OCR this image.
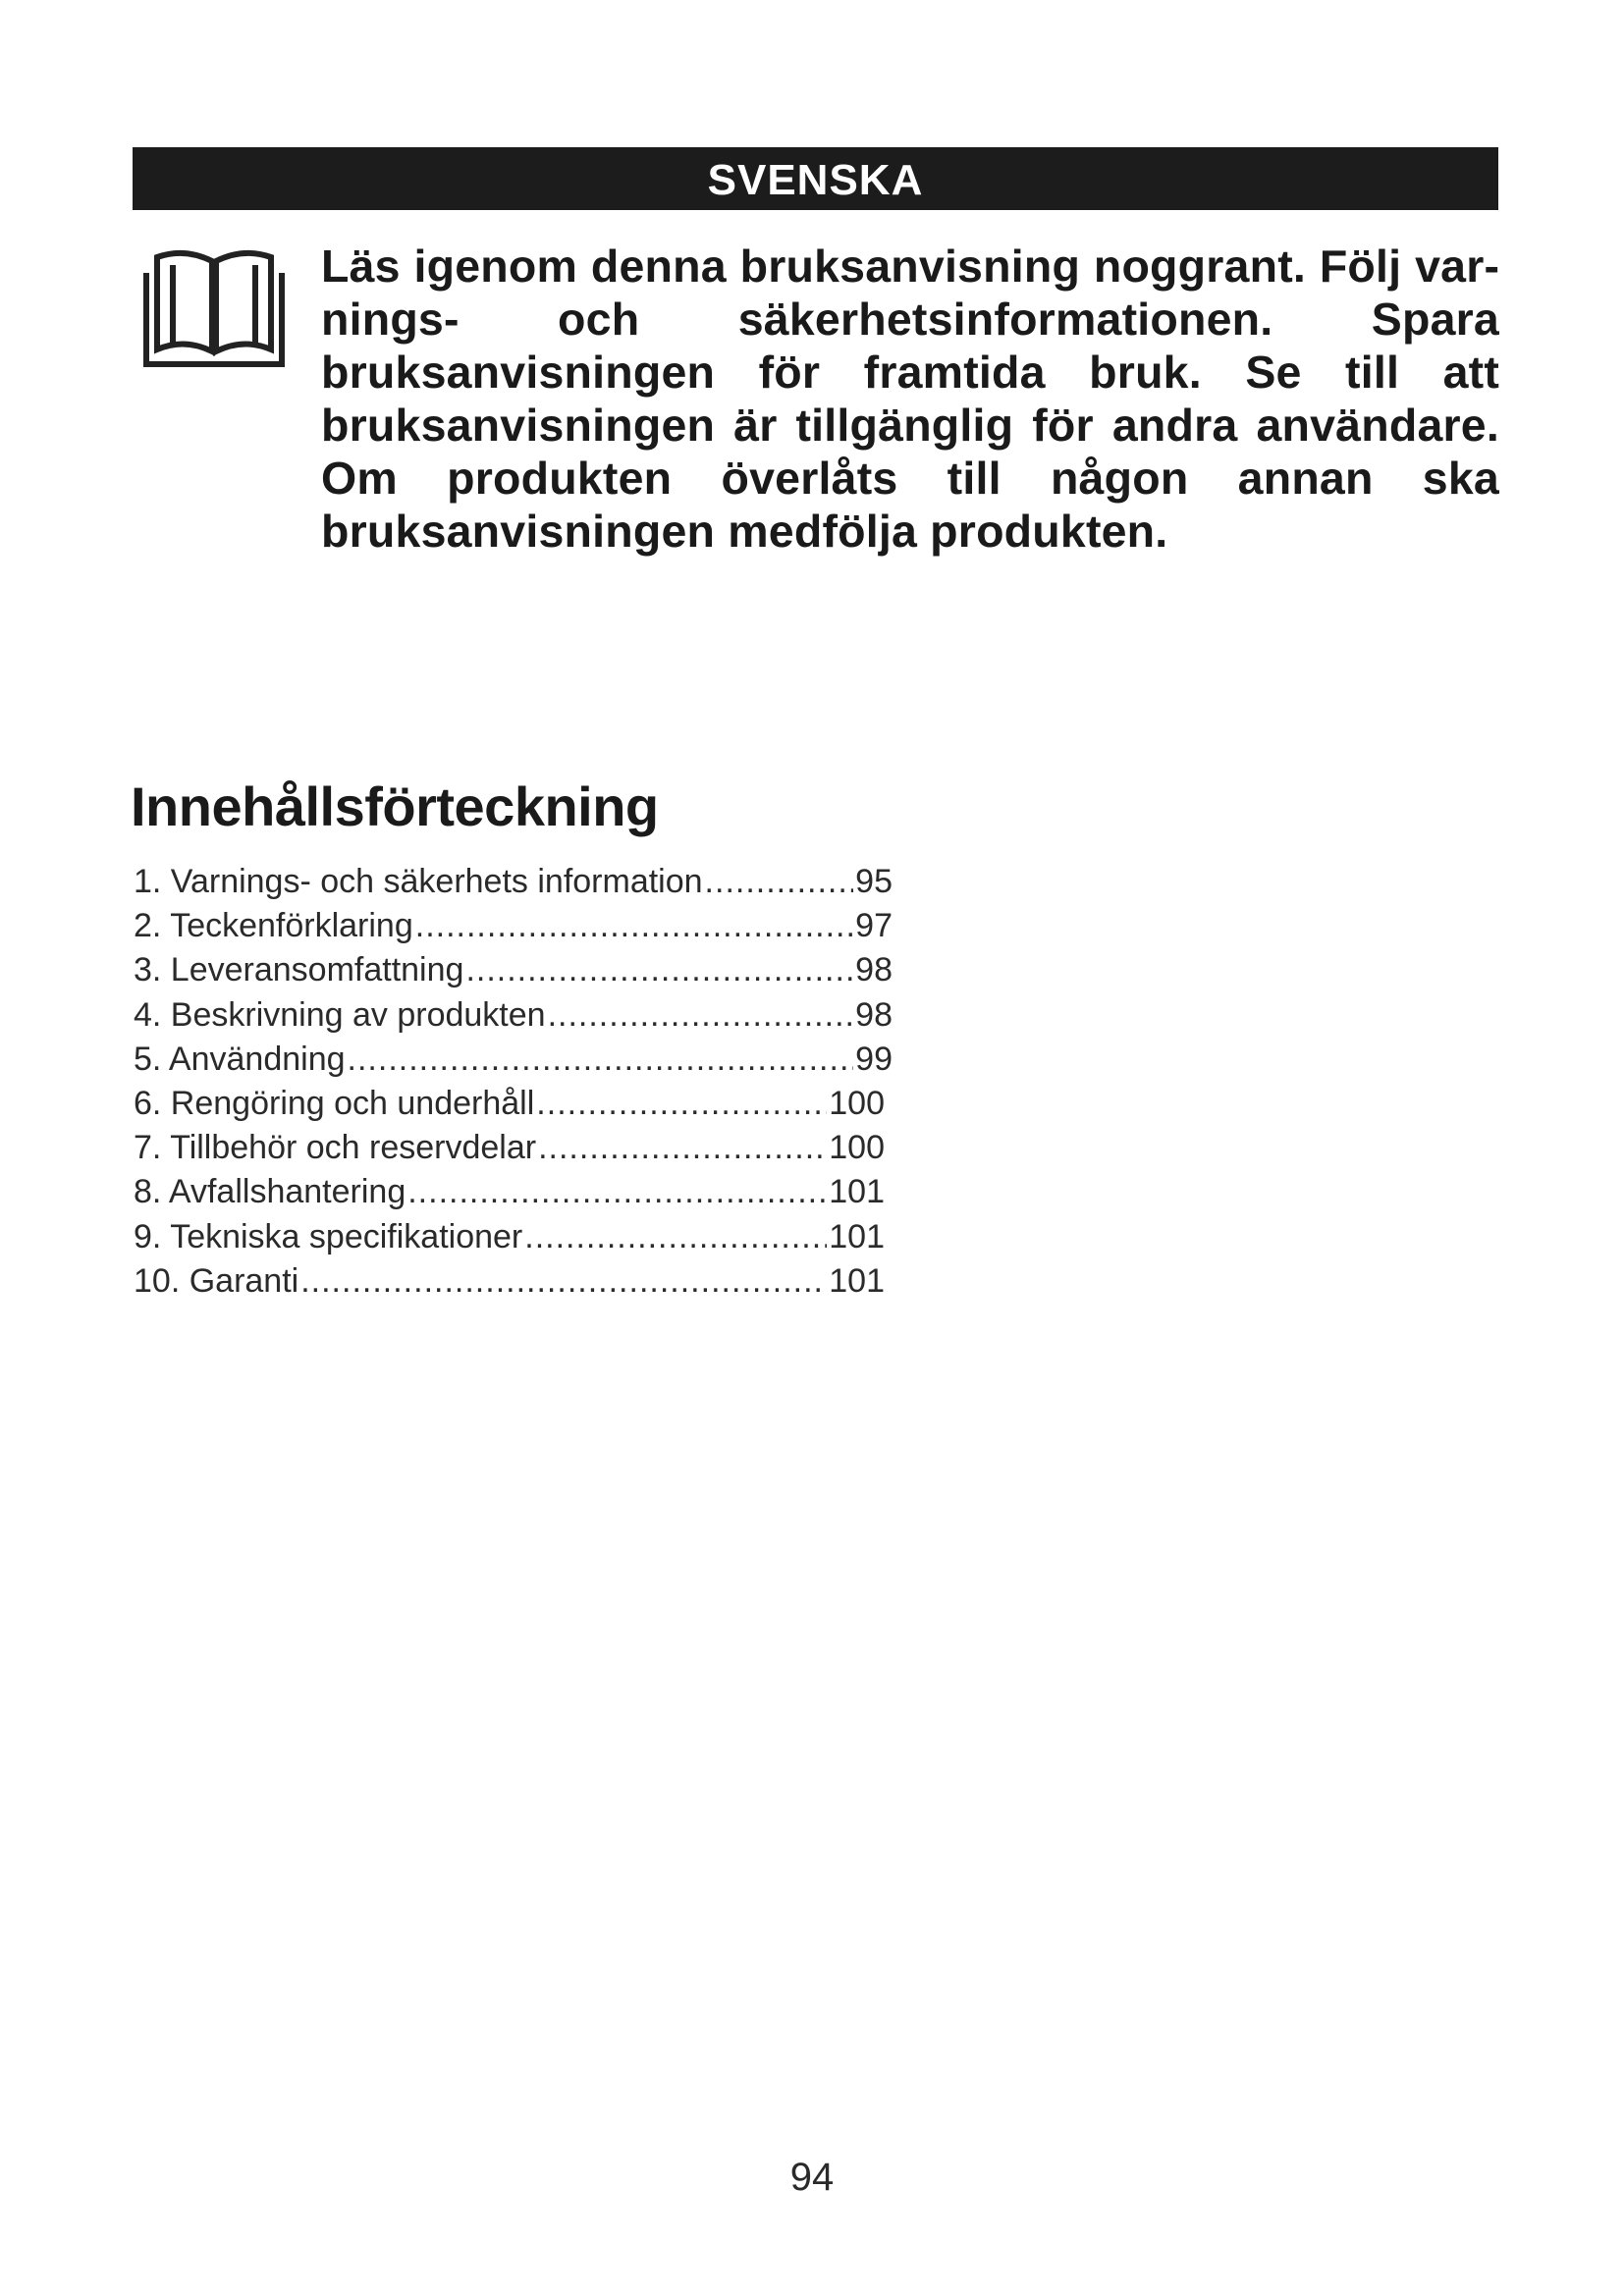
SVENSKA

Läs igenom denna bruksanvisning noggrant. Följ varnings- och säkerhetsinformationen. Spara bruksanvisningen för framtida bruk. Se till att bruksanvisningen är tillgänglig för andra användare. Om produkten överlåts till någon annan ska bruksanvisningen medfölja produkten.

Innehållsförteckning
1. Varnings- och säkerhets information .....	95
2. Teckenförklaring .....	97
3. Leveransomfattning .....	98
4. Beskrivning av produkten .....	98
5. Användning .....	99
6. Rengöring och underhåll .....	100
7. Tillbehör och reservdelar .....	100
8. Avfallshantering .....	101
9. Tekniska specifikationer .....	101
10. Garanti .....	101
94
